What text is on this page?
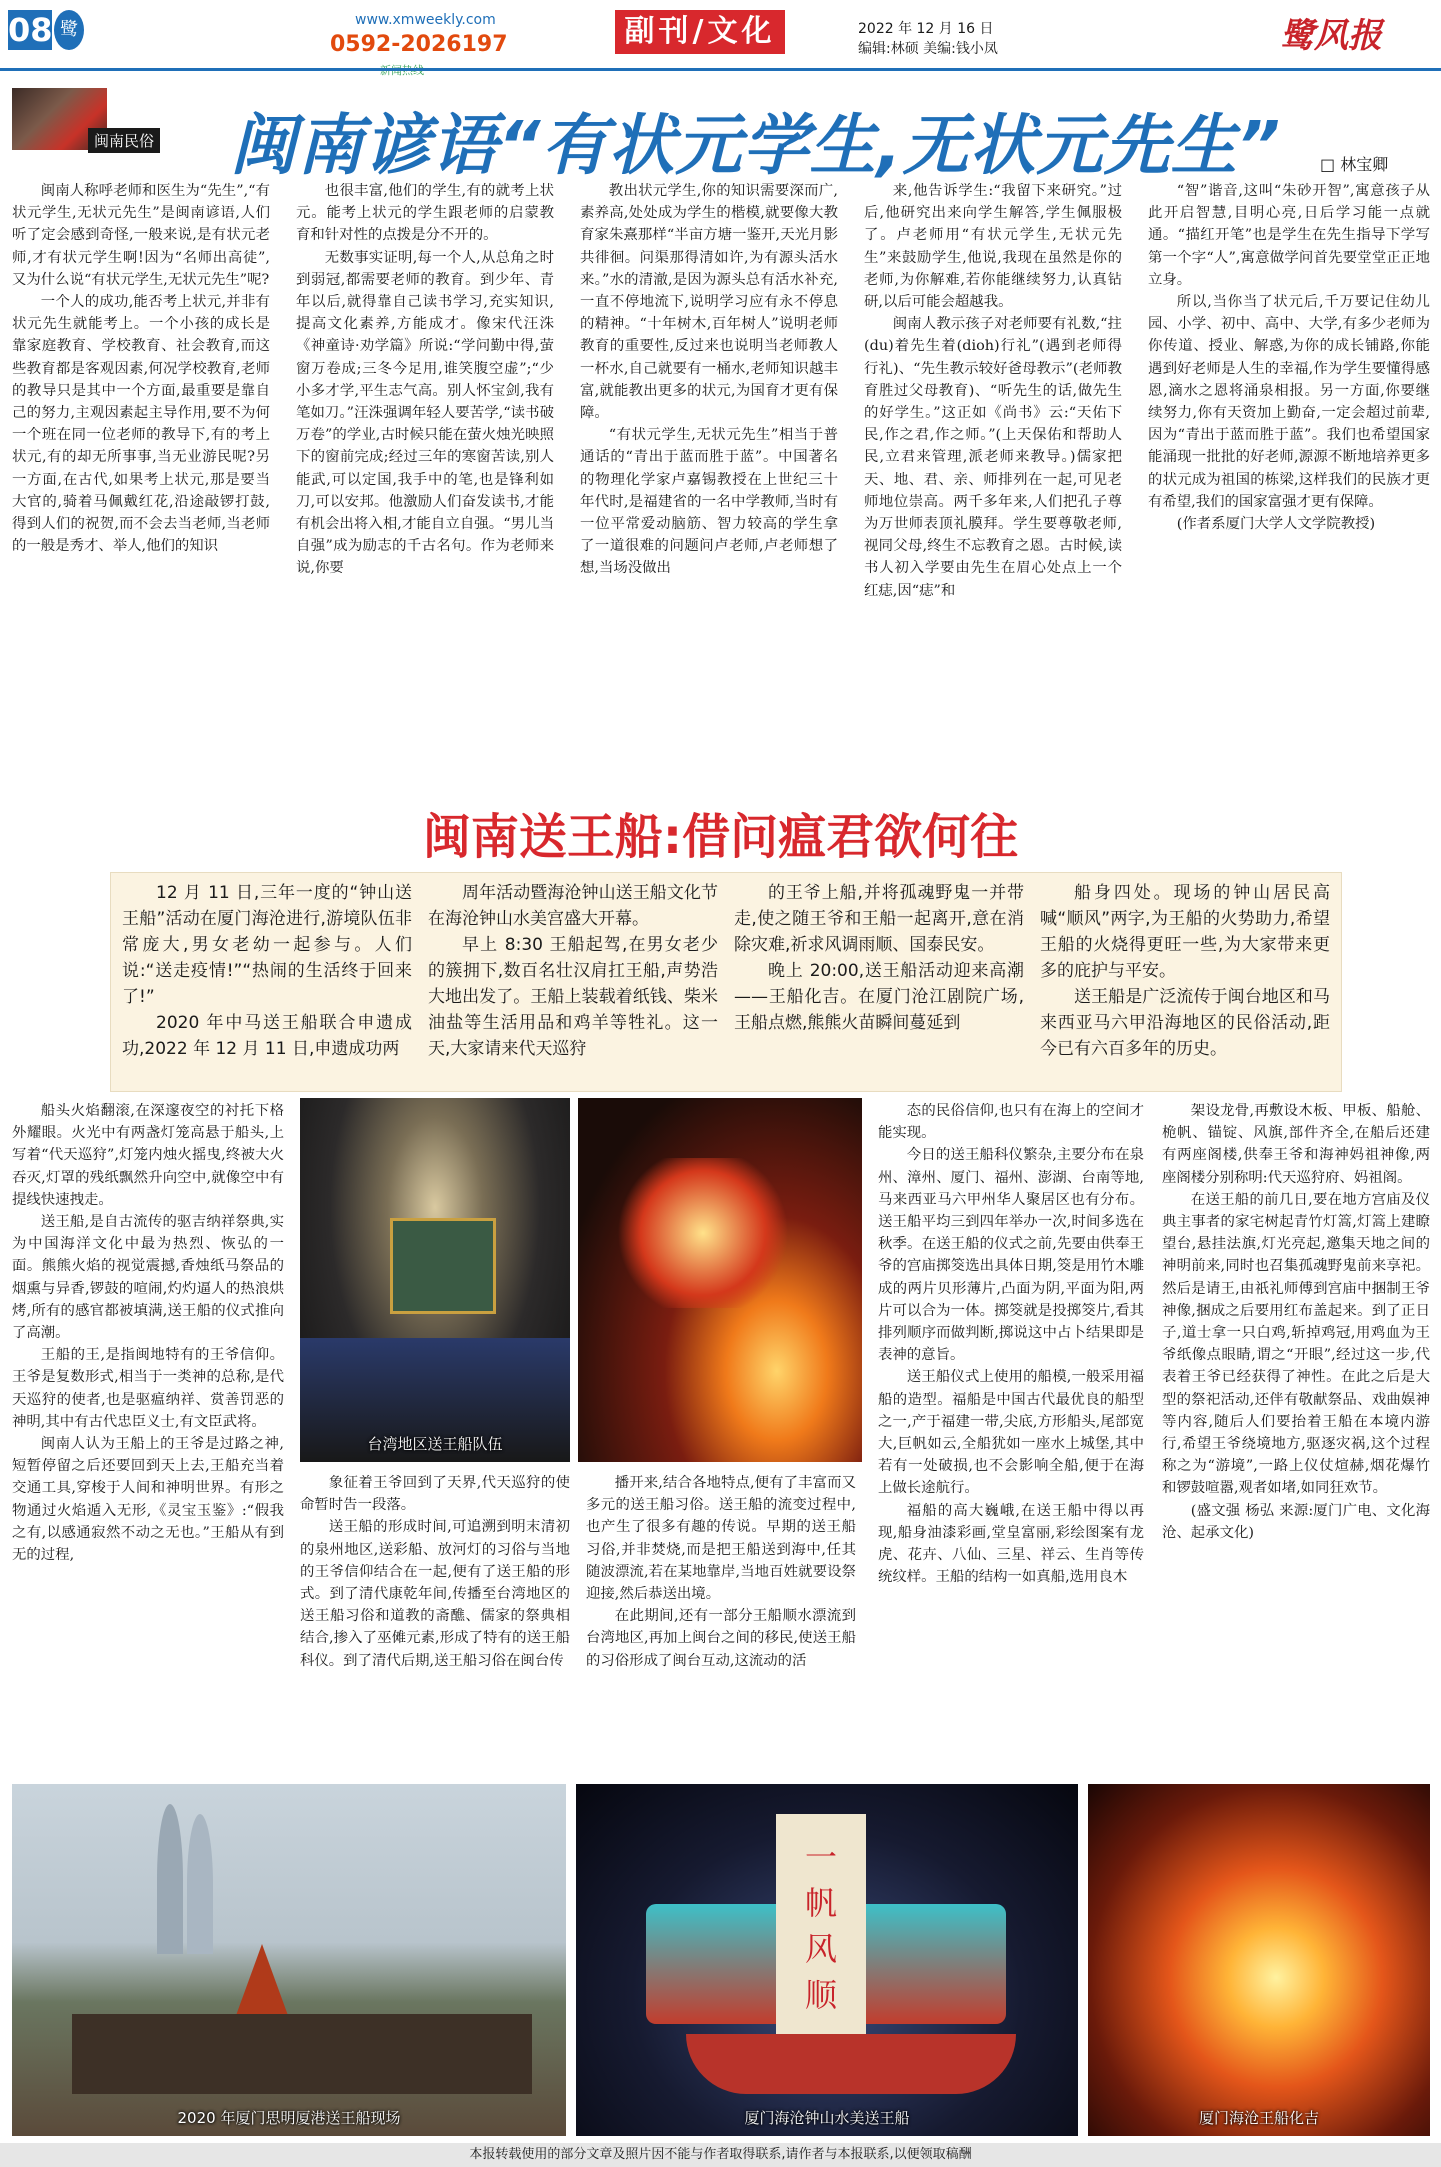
08 鹭	www.xmweekly.com
0592-2026197	副刊/文化	2022 年 12 月 16 日
编辑:林硕 美编:钱小凤	鹭风报
闽南民俗 闽南谚语“有状元学生,无状元先生” □ 林宝卿

闽南人称呼老师和医生为“先生”,“有状元学生,无状元先生”是闽南谚语,人们听了定会感到奇怪,一般来说,是有状元老师,才有状元学生啊!因为“名师出高徒”,又为什么说“有状元学生,无状元先生”呢?

一个人的成功,能否考上状元,并非有状元先生就能考上。一个小孩的成长是靠家庭教育、学校教育、社会教育,而这些教育都是客观因素,何况学校教育,老师的教导只是其中一个方面,最重要是靠自己的努力,主观因素起主导作用,要不为何一个班在同一位老师的教导下,有的考上状元,有的却无所事事,当无业游民呢?另一方面,在古代,如果考上状元,那是要当大官的,骑着马佩戴红花,沿途敲锣打鼓,得到人们的祝贺,而不会去当老师,当老师的一般是秀才、举人,他们的知识

也很丰富,他们的学生,有的就考上状元。能考上状元的学生跟老师的启蒙教育和针对性的点拨是分不开的。

无数事实证明,每一个人,从总角之时到弱冠,都需要老师的教育。到少年、青年以后,就得靠自己读书学习,充实知识,提高文化素养,方能成才。像宋代汪洙《神童诗·劝学篇》所说:“学问勤中得,萤窗万卷成;三冬今足用,谁笑腹空虚”;“少小多才学,平生志气高。别人怀宝剑,我有笔如刀。”汪洙强调年轻人要苦学,“读书破万卷”的学业,古时候只能在萤火烛光映照下的窗前完成;经过三年的寒窗苦读,别人能武,可以定国,我手中的笔,也是锋利如刀,可以安邦。他激励人们奋发读书,才能有机会出将入相,才能自立自强。“男儿当自强”成为励志的千古名句。作为老师来说,你要

教出状元学生,你的知识需要深而广,素养高,处处成为学生的楷模,就要像大教育家朱熹那样“半亩方塘一鉴开,天光月影共徘徊。问渠那得清如许,为有源头活水来。”水的清澈,是因为源头总有活水补充,一直不停地流下,说明学习应有永不停息的精神。“十年树木,百年树人”说明老师教育的重要性,反过来也说明当老师教人一杯水,自己就要有一桶水,老师知识越丰富,就能教出更多的状元,为国育才更有保障。

“有状元学生,无状元先生”相当于普通话的“青出于蓝而胜于蓝”。中国著名的物理化学家卢嘉锡教授在上世纪三十年代时,是福建省的一名中学教师,当时有一位平常爱动脑筋、智力较高的学生拿了一道很难的问题问卢老师,卢老师想了想,当场没做出

来,他告诉学生:“我留下来研究。”过后,他研究出来向学生解答,学生佩服极了。卢老师用“有状元学生,无状元先生”来鼓励学生,他说,我现在虽然是你的老师,为你解难,若你能继续努力,认真钻研,以后可能会超越我。

闽南人教示孩子对老师要有礼数,“拄(du)着先生着(dioh)行礼”(遇到老师得行礼)、“先生教示较好爸母教示”(老师教育胜过父母教育)、“听先生的话,做先生的好学生。”这正如《尚书》云:“天佑下民,作之君,作之师。”(上天保佑和帮助人民,立君来管理,派老师来教导。)儒家把天、地、君、亲、师排列在一起,可见老师地位崇高。两千多年来,人们把孔子尊为万世师表顶礼膜拜。学生要尊敬老师,视同父母,终生不忘教育之恩。古时候,读书人初入学要由先生在眉心处点上一个红痣,因“痣”和

“智”谐音,这叫“朱砂开智”,寓意孩子从此开启智慧,目明心亮,日后学习能一点就通。“描红开笔”也是学生在先生指导下学写第一个字“人”,寓意做学问首先要堂堂正正地立身。

所以,当你当了状元后,千万要记住幼儿园、小学、初中、高中、大学,有多少老师为你传道、授业、解惑,为你的成长铺路,你能遇到好老师是人生的幸福,作为学生要懂得感恩,滴水之恩将涌泉相报。另一方面,你要继续努力,你有天资加上勤奋,一定会超过前辈,因为“青出于蓝而胜于蓝”。我们也希望国家能涌现一批批的好老师,源源不断地培养更多的状元成为祖国的栋梁,这样我们的民族才更有希望,我们的国家富强才更有保障。

(作者系厦门大学人文学院教授)

闽南送王船:借问瘟君欲何往

12 月 11 日,三年一度的“钟山送王船”活动在厦门海沧进行,游境队伍非常庞大,男女老幼一起参与。人们说:“送走疫情!”“热闹的生活终于回来了!”

2020 年中马送王船联合申遗成功,2022 年 12 月 11 日,申遗成功两

周年活动暨海沧钟山送王船文化节在海沧钟山水美宫盛大开幕。

早上 8:30 王船起驾,在男女老少的簇拥下,数百名壮汉肩扛王船,声势浩大地出发了。王船上装载着纸钱、柴米油盐等生活用品和鸡羊等牲礼。这一天,大家请来代天巡狩

的王爷上船,并将孤魂野鬼一并带走,使之随王爷和王船一起离开,意在消除灾难,祈求风调雨顺、国泰民安。

晚上 20:00,送王船活动迎来高潮——王船化吉。在厦门沧江剧院广场,王船点燃,熊熊火苗瞬间蔓延到

船身四处。现场的钟山居民高喊“顺风”两字,为王船的火势助力,希望王船的火烧得更旺一些,为大家带来更多的庇护与平安。

送王船是广泛流传于闽台地区和马来西亚马六甲沿海地区的民俗活动,距今已有六百多年的历史。

船头火焰翻滚,在深邃夜空的衬托下格外耀眼。火光中有两盏灯笼高悬于船头,上写着“代天巡狩”,灯笼内烛火摇曳,终被大火吞灭,灯罩的残纸飘然升向空中,就像空中有提线快速拽走。

送王船,是自古流传的驱吉纳祥祭典,实为中国海洋文化中最为热烈、恢弘的一面。熊熊火焰的视觉震撼,香烛纸马祭品的烟熏与异香,锣鼓的喧闹,灼灼逼人的热浪烘烤,所有的感官都被填满,送王船的仪式推向了高潮。

王船的王,是指闽地特有的王爷信仰。王爷是复数形式,相当于一类神的总称,是代天巡狩的使者,也是驱瘟纳祥、赏善罚恶的神明,其中有古代忠臣义士,有文臣武将。

闽南人认为王船上的王爷是过路之神,短暂停留之后还要回到天上去,王船充当着交通工具,穿梭于人间和神明世界。有形之物通过火焰遁入无形,《灵宝玉鉴》:“假我之有,以感通寂然不动之无也。”王船从有到无的过程,

台湾地区送王船队伍

象征着王爷回到了天界,代天巡狩的使命暂时告一段落。

送王船的形成时间,可追溯到明末清初的泉州地区,送彩船、放河灯的习俗与当地的王爷信仰结合在一起,便有了送王船的形式。到了清代康乾年间,传播至台湾地区的送王船习俗和道教的斋醮、儒家的祭典相结合,掺入了巫傩元素,形成了特有的送王船科仪。到了清代后期,送王船习俗在闽台传

播开来,结合各地特点,便有了丰富而又多元的送王船习俗。送王船的流变过程中,也产生了很多有趣的传说。早期的送王船习俗,并非焚烧,而是把王船送到海中,任其随波漂流,若在某地靠岸,当地百姓就要设祭迎接,然后恭送出境。

在此期间,还有一部分王船顺水漂流到台湾地区,再加上闽台之间的移民,使送王船的习俗形成了闽台互动,这流动的活

态的民俗信仰,也只有在海上的空间才能实现。

今日的送王船科仪繁杂,主要分布在泉州、漳州、厦门、福州、澎湖、台南等地,马来西亚马六甲州华人聚居区也有分布。送王船平均三到四年举办一次,时间多选在秋季。在送王船的仪式之前,先要由供奉王爷的宫庙掷筊选出具体日期,筊是用竹木雕成的两片贝形薄片,凸面为阴,平面为阳,两片可以合为一体。掷筊就是投掷筊片,看其排列顺序而做判断,掷说这中占卜结果即是表神的意旨。

送王船仪式上使用的船模,一般采用福船的造型。福船是中国古代最优良的船型之一,产于福建一带,尖底,方形船头,尾部宽大,巨帆如云,全船犹如一座水上城堡,其中若有一处破损,也不会影响全船,便于在海上做长途航行。

福船的高大巍峨,在送王船中得以再现,船身油漆彩画,堂皇富丽,彩绘图案有龙虎、花卉、八仙、三星、祥云、生肖等传统纹样。王船的结构一如真船,选用良木

架设龙骨,再敷设木板、甲板、船舱、桅帆、锚锭、风旗,部件齐全,在船后还建有两座阁楼,供奉王爷和海神妈祖神像,两座阁楼分别称明:代天巡狩府、妈祖阁。

在送王船的前几日,要在地方宫庙及仪典主事者的家宅树起青竹灯篙,灯篙上建瞭望台,悬挂法旗,灯光亮起,邀集天地之间的神明前来,同时也召集孤魂野鬼前来享祀。然后是请王,由祇礼师傅到宫庙中捆制王爷神像,捆成之后要用红布盖起来。到了正日子,道士拿一只白鸡,斩掉鸡冠,用鸡血为王爷纸像点眼睛,谓之“开眼”,经过这一步,代表着王爷已经获得了神性。在此之后是大型的祭祀活动,还伴有敬献祭品、戏曲娱神等内容,随后人们要抬着王船在本境内游行,希望王爷绕境地方,驱逐灾祸,这个过程称之为“游境”,一路上仪仗煊赫,烟花爆竹和锣鼓喧嚣,观者如堵,如同狂欢节。

(盛文强 杨弘 来源:厦门广电、文化海沧、起承文化)

2020 年厦门思明厦港送王船现场
一帆风顺
厦门海沧钟山水美送王船	厦门海沧王船化吉
本报转载使用的部分文章及照片因不能与作者取得联系,请作者与本报联系,以便领取稿酬
